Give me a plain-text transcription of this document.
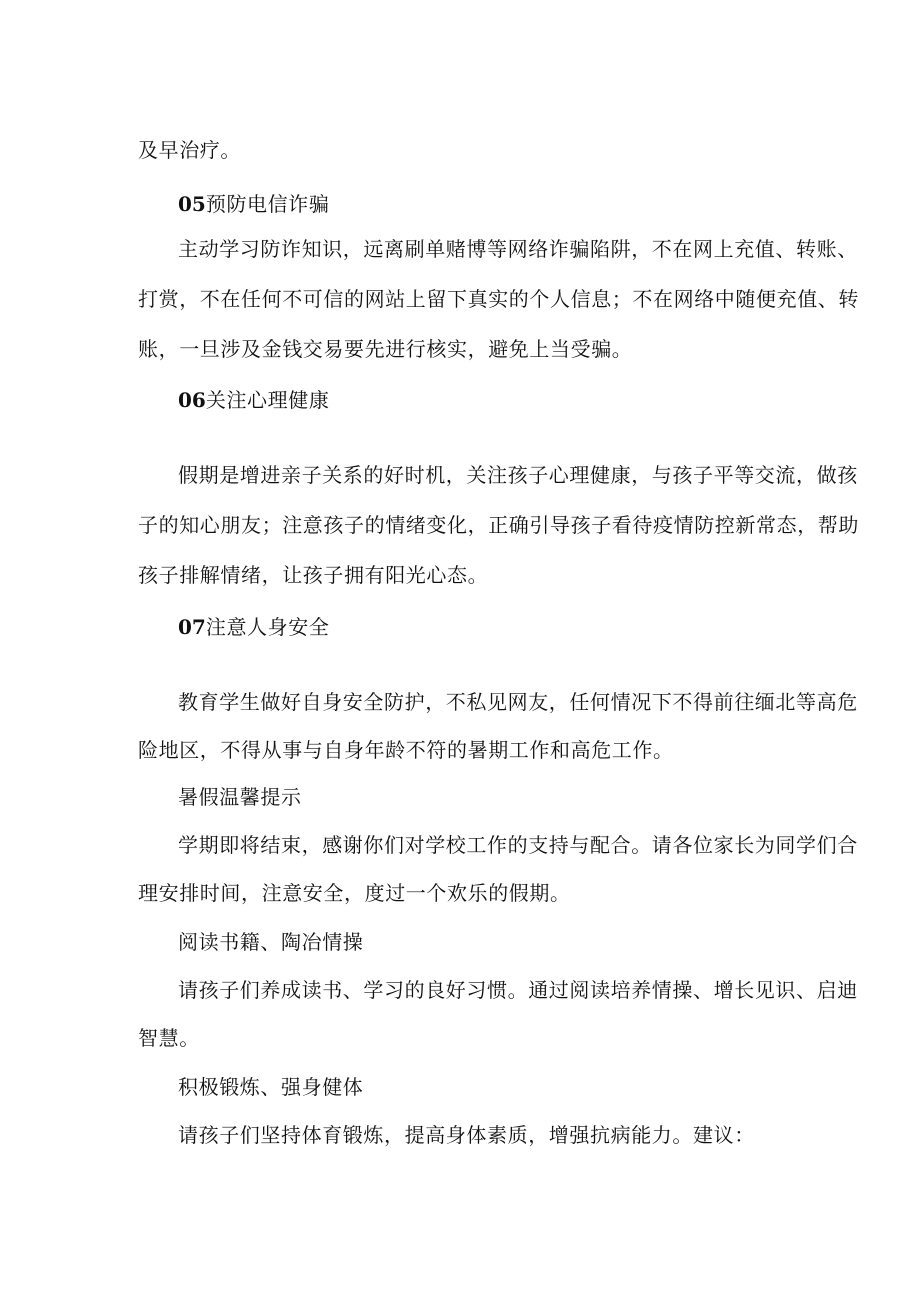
及早治疗。
05预防电信诈骗
主动学习防诈知识，远离刷单赌博等网络诈骗陷阱，不在网上充值、转账、
打赏，不在任何不可信的网站上留下真实的个人信息；不在网络中随便充值、转
账，一旦涉及金钱交易要先进行核实，避免上当受骗。
06关注心理健康
假期是增进亲子关系的好时机，关注孩子心理健康，与孩子平等交流，做孩
子的知心朋友；注意孩子的情绪变化，正确引导孩子看待疫情防控新常态，帮助
孩子排解情绪，让孩子拥有阳光心态。
07注意人身安全
教育学生做好自身安全防护，不私见网友，任何情况下不得前往缅北等高危
险地区，不得从事与自身年龄不符的暑期工作和高危工作。
暑假温馨提示
学期即将结束，感谢你们对学校工作的支持与配合。请各位家长为同学们合
理安排时间，注意安全，度过一个欢乐的假期。
阅读书籍、陶冶情操
请孩子们养成读书、学习的良好习惯。通过阅读培养情操、增长见识、启迪
智慧。
积极锻炼、强身健体
请孩子们坚持体育锻炼，提高身体素质，增强抗病能力。建议：
